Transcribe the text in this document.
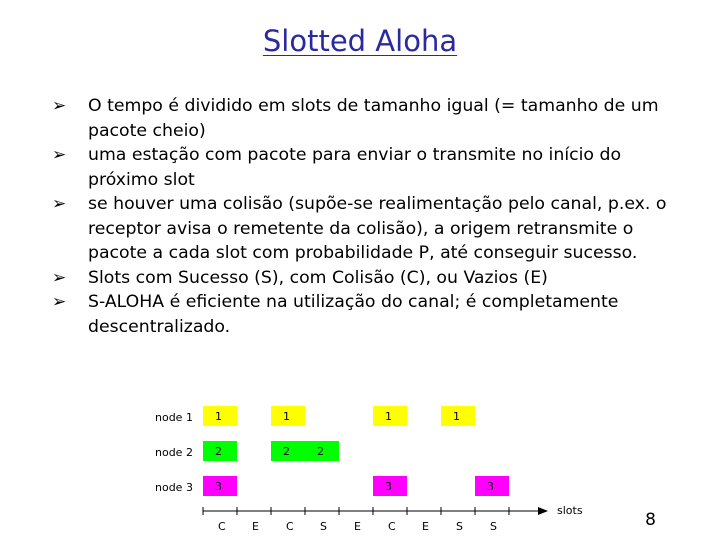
Slotted Aloha
➢	O tempo é dividido em slots de tamanho igual (= tamanho de um pacote cheio)
➢	uma estação com pacote para enviar o transmite no início do próximo slot
➢	se houver uma colisão (supõe-se realimentação pelo canal, p.ex. o receptor avisa o remetente da colisão), a origem retransmite o pacote a cada slot com probabilidade P, até conseguir sucesso.
➢	Slots com Sucesso (S), com Colisão (C), ou Vazios (E)
➢	S-ALOHA é eficiente na utilização do canal; é completamente descentralizado.
node 1 1	1	1	1
node 2 2	2 2
node 3 3	3	3
slots
C E C S E C E S S	8
